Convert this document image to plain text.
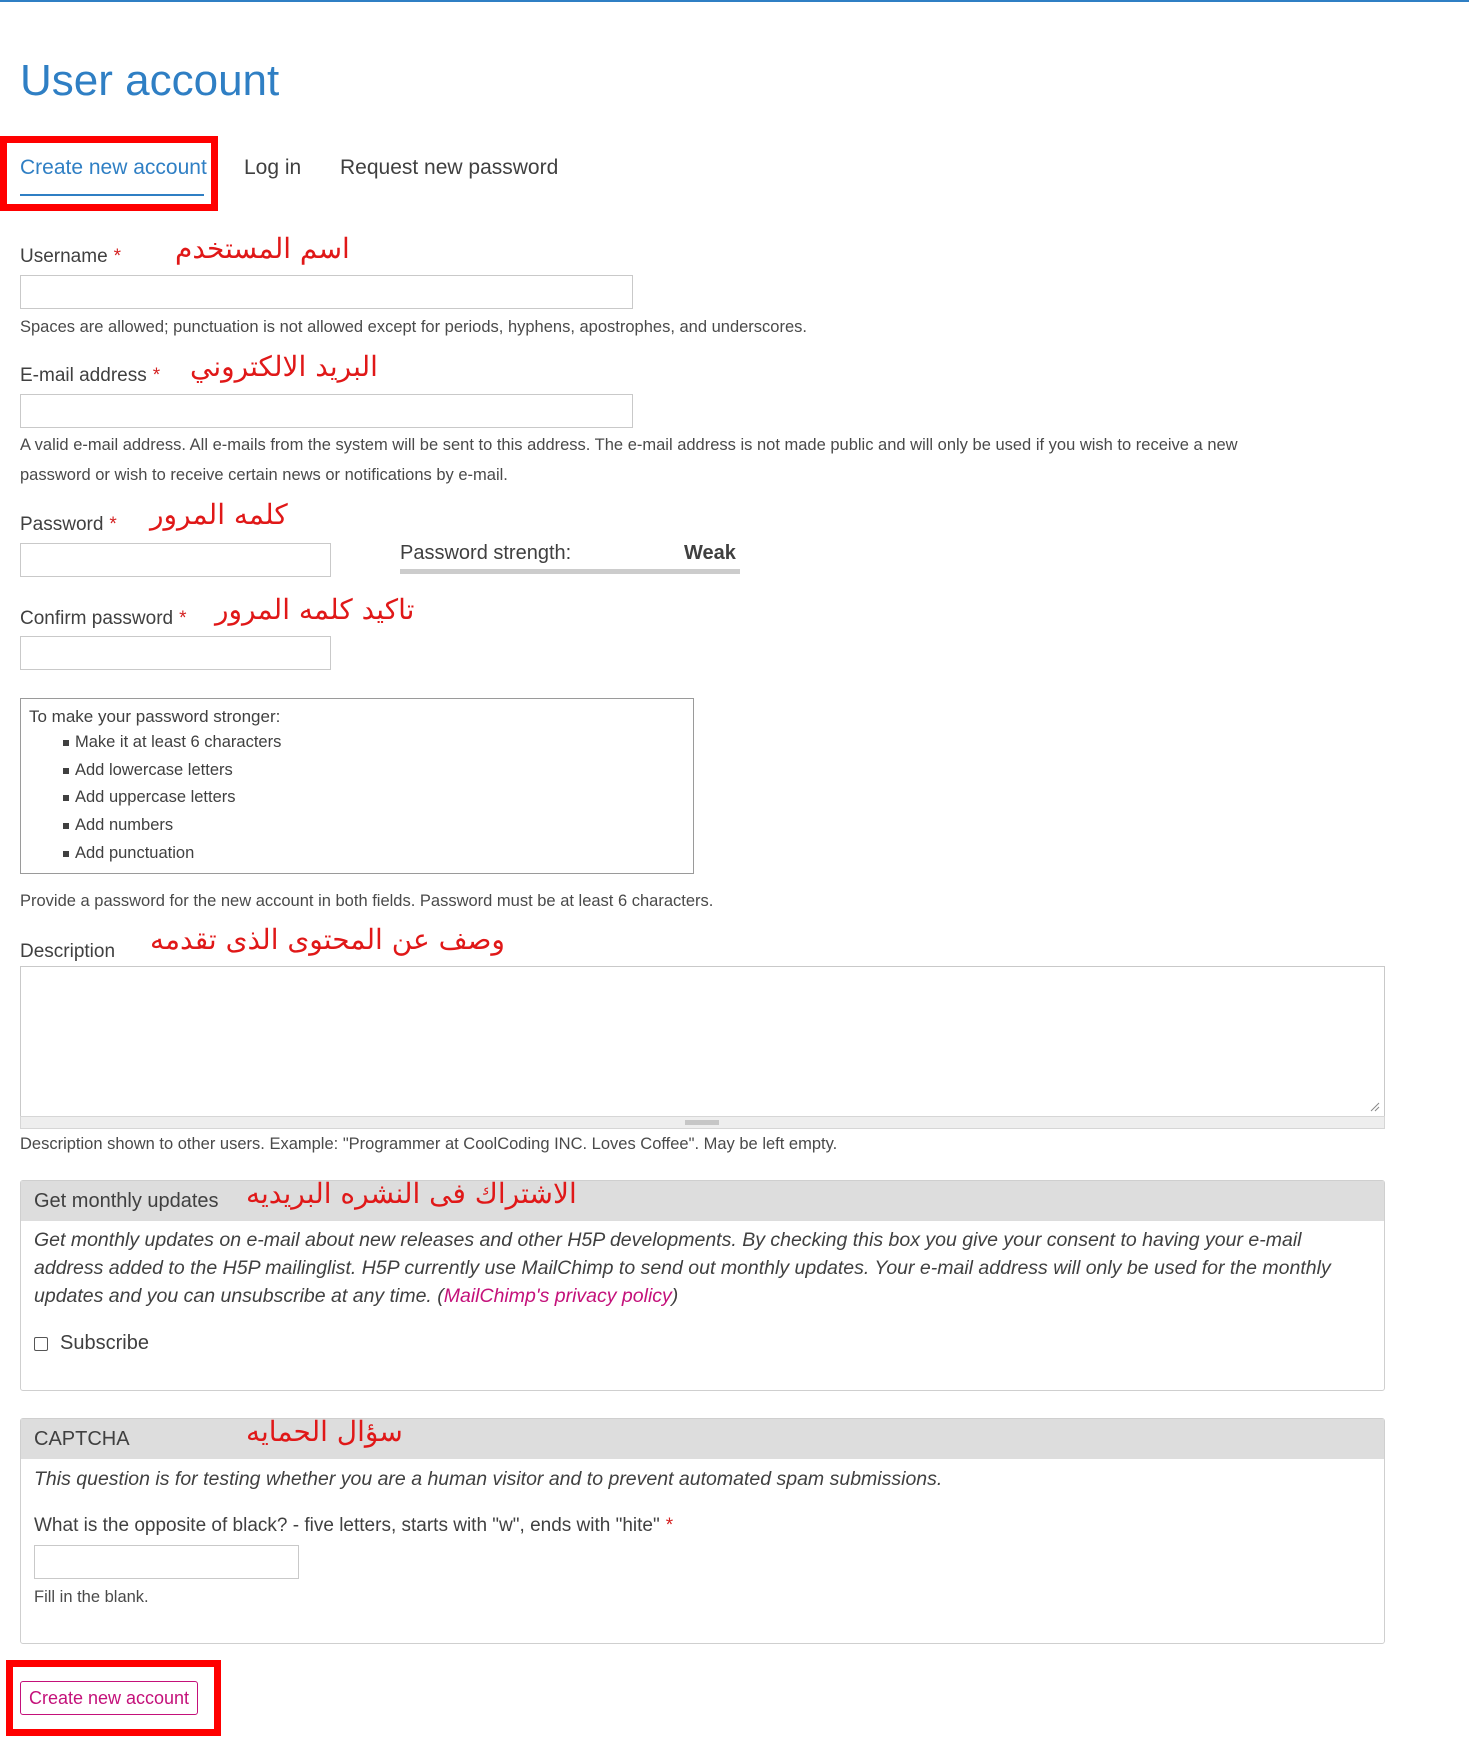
User account
Create new account Log in Request new password
Username * اسم المستخدم
Spaces are allowed; punctuation is not allowed except for periods, hyphens, apostrophes, and underscores.
E-mail address * البريد الالكتروني
A valid e-mail address. All e-mails from the system will be sent to this address. The e-mail address is not made public and will only be used if you wish to receive a new
password or wish to receive certain news or notifications by e-mail.
Password * كلمه المرور
Password strength:	Weak
Confirm password * تاكيد كلمه المرور
To make your password stronger:
Make it at least 6 characters
Add lowercase letters
Add uppercase letters
Add numbers
Add punctuation
Provide a password for the new account in both fields. Password must be at least 6 characters.
Description وصف عن المحتوى الذى تقدمه
Description shown to other users. Example: "Programmer at CoolCoding INC. Loves Coffee". May be left empty.
Get monthly updates الاشتراك فى النشره البريديه
Get monthly updates on e-mail about new releases and other H5P developments. By checking this box you give your consent to having your e-mail
address added to the H5P mailinglist. H5P currently use MailChimp to send out monthly updates. Your e-mail address will only be used for the monthly
updates and you can unsubscribe at any time. (MailChimp's privacy policy)
Subscribe
CAPTCHA	سؤال الحمايه
This question is for testing whether you are a human visitor and to prevent automated spam submissions.
What is the opposite of black? - five letters, starts with "w", ends with "hite" *
Fill in the blank.
Create new account
